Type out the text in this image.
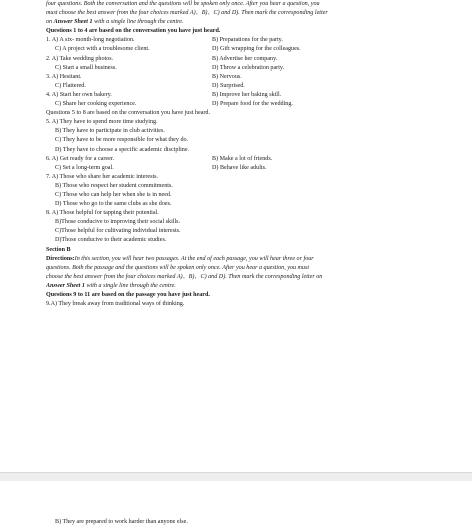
four questions. Both the conversation and the questions will be spoken only once. After you hear a question, you
must choose the best answer from the four choices marked A)、B)、C) and D). Then mark the corresponding letter
on Answer Sheet 1 with a single line through the centre.
Questions 1 to 4 are based on the conversation you have just heard.
1. A) A six- month-long negotiation.	B) Preparations for the party.
C) A project with a troublesome client.	D) Gift wrapping for the colleagues.
2. A) Take wedding photos.	B) Advertise her company.
C) Start a small business.	D) Throw a celebration party.
3. A) Hesitant.	B) Nervous.
C) Flattered.	D) Surprised.
4. A) Start her own bakery.	B) Improve her baking skill.
C) Share her cooking experience.	D) Prepare food for the wedding.
Questions 5 to 8 are based on the conversation you have just heard.
5. A) They have to spend more time studying.
B) They have to participate in club activities.
C) They have to be more responsible for what they do.
D) They have to choose a specific academic discipline.
6. A) Get ready for a career.	B) Make a lot of friends.
C) Set a long-term goal.	D) Behave like adults.
7. A) Those who share her academic interests.
B) Those who respect her student commitments.
C) Those who can help her when she is in need.
D) Those who go to the same clubs as she does.
8. A) Those helpful for tapping their potential.
B)Those conducive to improving their social skills.
C)Those helpful for cultivating individual interests.
D)Those conducive to their academic studies.
Section B
Directions:In this section, you will hear two passages. At the end of each passage, you will hear three or four
questions. Both the passage and the questions will be spoken only once. After you hear a question, you must
choose the best answer from the four choices marked A)、B)、C) and D). Then mark the corresponding letter on
Answer Sheet 1 with a single line through the centre.
Questions 9 to 11 are based on the passage you have just heard.
9.A) They break away from traditional ways of thinking.
B) They are prepared to work harder than anyone else.
